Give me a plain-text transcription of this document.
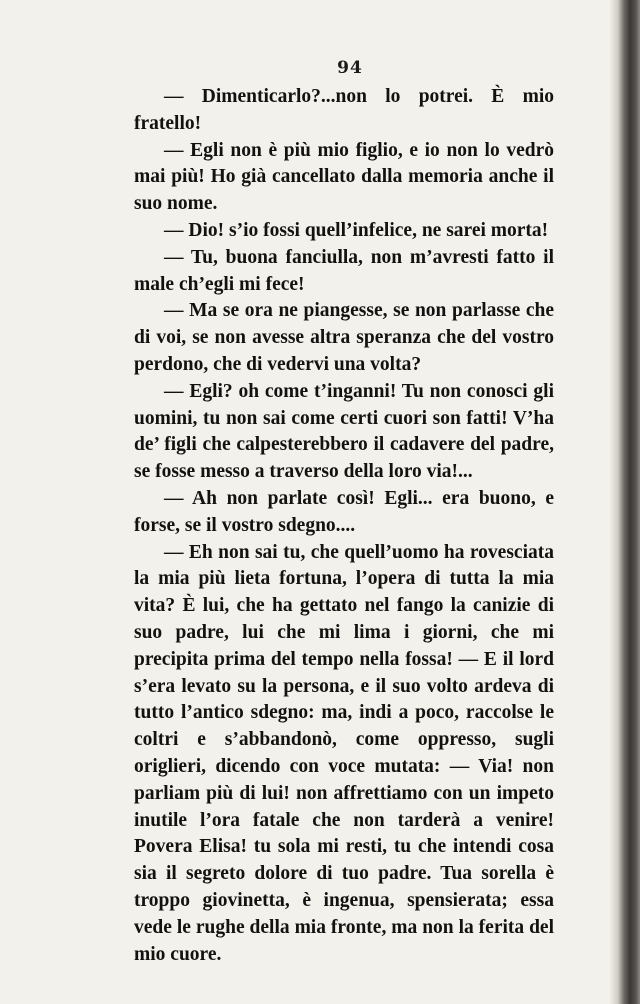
94

— Dimenticarlo?...non lo potrei. È mio fratello!

— Egli non è più mio figlio, e io non lo vedrò mai più! Ho già cancellato dalla memoria anche il suo nome.

— Dio! s’io fossi quell’infelice, ne sarei morta!

— Tu, buona fanciulla, non m’avresti fatto il male ch’egli mi fece!

— Ma se ora ne piangesse, se non parlasse che di voi, se non avesse altra speranza che del vostro perdono, che di vedervi una volta?

— Egli? oh come t’inganni! Tu non conosci gli uomini, tu non sai come certi cuori son fatti! V’ha de’ figli che calpesterebbero il cadavere del padre, se fosse messo a traverso della loro via!...

— Ah non parlate così! Egli... era buono, e forse, se il vostro sdegno....

— Eh non sai tu, che quell’uomo ha rovesciata la mia più lieta fortuna, l’opera di tutta la mia vita? È lui, che ha gettato nel fango la canizie di suo padre, lui che mi lima i giorni, che mi precipita prima del tempo nella fossa! — E il lord s’era levato su la persona, e il suo volto ardeva di tutto l’antico sdegno: ma, indi a poco, raccolse le coltri e s’abbandonò, come oppresso, sugli origlieri, dicendo con voce mutata: — Via! non parliam più di lui! non affrettiamo con un impeto inutile l’ora fatale che non tarderà a venire! Povera Elisa! tu sola mi resti, tu che intendi cosa sia il segreto dolore di tuo padre. Tua sorella è troppo giovinetta, è ingenua, spensierata; essa vede le rughe della mia fronte, ma non la ferita del mio cuore.
